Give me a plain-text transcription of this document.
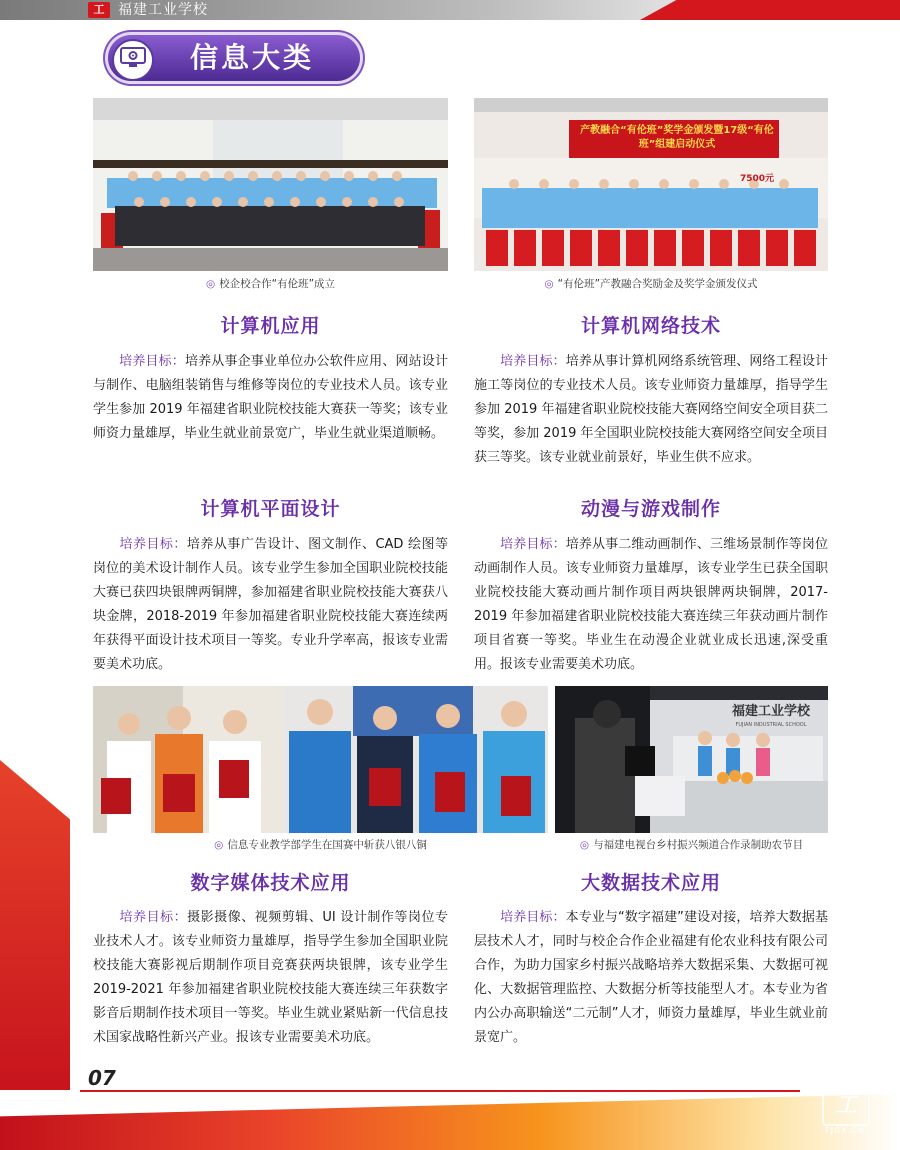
工 福建工业学校
信息大类
◎ 校企校合作“有伦班”成立
产教融合“有伦班”奖学金颁发暨17级“有伦班”组建启动仪式
7500元
◎ “有伦班”产教融合奖励金及奖学金颁发仪式
计算机应用
培养目标：培养从事企事业单位办公软件应用、网站设计与制作、电脑组装销售与维修等岗位的专业技术人员。该专业学生参加 2019 年福建省职业院校技能大赛获一等奖；该专业师资力量雄厚，毕业生就业前景宽广，毕业生就业渠道顺畅。
计算机网络技术
培养目标：培养从事计算机网络系统管理、网络工程设计施工等岗位的专业技术人员。该专业师资力量雄厚，指导学生参加 2019 年福建省职业院校技能大赛网络空间安全项目获二等奖，参加 2019 年全国职业院校技能大赛网络空间安全项目获三等奖。该专业就业前景好，毕业生供不应求。
计算机平面设计
培养目标：培养从事广告设计、图文制作、CAD 绘图等岗位的美术设计制作人员。该专业学生参加全国职业院校技能大赛已获四块银牌两铜牌，参加福建省职业院校技能大赛获八块金牌，2018-2019 年参加福建省职业院校技能大赛连续两年获得平面设计技术项目一等奖。专业升学率高，报该专业需要美术功底。
动漫与游戏制作
培养目标：培养从事二维动画制作、三维场景制作等岗位动画制作人员。该专业师资力量雄厚，该专业学生已获全国职业院校技能大赛动画片制作项目两块银牌两块铜牌，2017-2019 年参加福建省职业院校技能大赛连续三年获动画片制作项目省赛一等奖。毕业生在动漫企业就业成长迅速,深受重用。报该专业需要美术功底。
◎ 信息专业教学部学生在国赛中斩获八银八铜
福建工业学校
FUJIAN INDUSTRIAL SCHOOL
◎ 与福建电视台乡村振兴频道合作录制助农节目
数字媒体技术应用
培养目标：摄影摄像、视频剪辑、UI 设计制作等岗位专业技术人才。该专业师资力量雄厚，指导学生参加全国职业院校技能大赛影视后期制作项目竞赛获两块银牌，该专业学生 2019-2021 年参加福建省职业院校技能大赛连续三年获数字影音后期制作技术项目一等奖。毕业生就业紧贴新一代信息技术国家战略性新兴产业。报该专业需要美术功底。
大数据技术应用
培养目标：本专业与“数字福建”建设对接，培养大数据基层技术人才，同时与校企合作企业福建有伦农业科技有限公司合作，为助力国家乡村振兴战略培养大数据采集、大数据可视化、大数据管理监控、大数据分析等技能型人才。本专业为省内公办高职输送“二元制”人才，师资力量雄厚，毕业生就业前景宽广。
07
工
FJGX.CN
